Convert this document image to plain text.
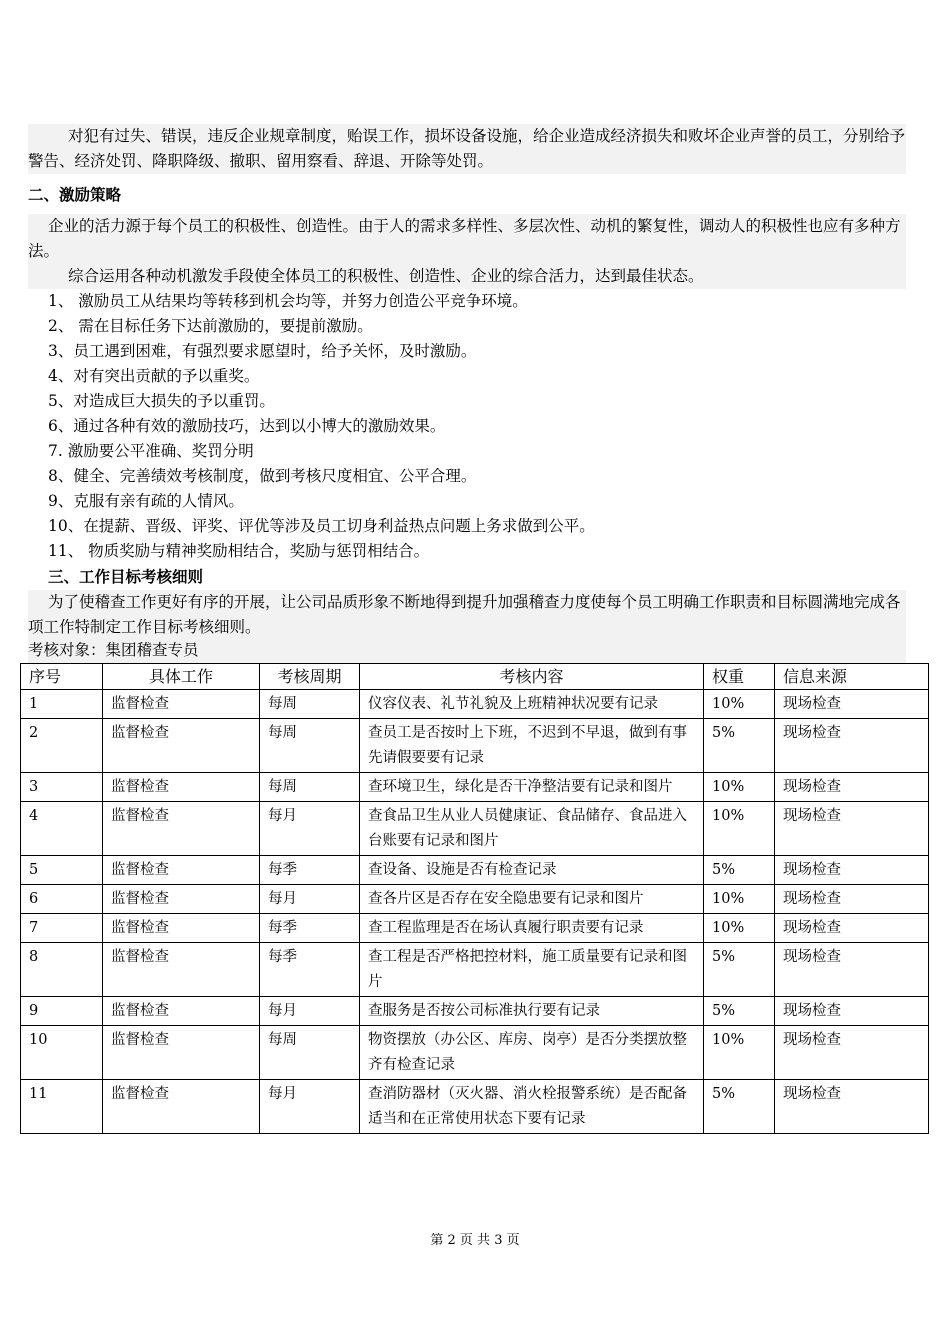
对犯有过失、错误，违反企业规章制度，贻误工作，损坏设备设施，给企业造成经济损失和败坏企业声誉的员工，分别给予警告、经济处罚、降职降级、撤职、留用察看、辞退、开除等处罚。

二、激励策略

企业的活力源于每个员工的积极性、创造性。由于人的需求多样性、多层次性、动机的繁复性，调动人的积极性也应有多种方法。

综合运用各种动机激发手段使全体员工的积极性、创造性、企业的综合活力，达到最佳状态。

1、 激励员工从结果均等转移到机会均等，并努力创造公平竞争环境。
2、 需在目标任务下达前激励的，要提前激励。
3、员工遇到困难，有强烈要求愿望时，给予关怀，及时激励。
4、对有突出贡献的予以重奖。
5、对造成巨大损失的予以重罚。
6、通过各种有效的激励技巧，达到以小博大的激励效果。
7. 激励要公平准确、奖罚分明
8、健全、完善绩效考核制度，做到考核尺度相宜、公平合理。
9、克服有亲有疏的人情风。
10、在提薪、晋级、评奖、评优等涉及员工切身利益热点问题上务求做到公平。
11、 物质奖励与精神奖励相结合，奖励与惩罚相结合。
三、工作目标考核细则

为了使稽查工作更好有序的开展，让公司品质形象不断地得到提升加强稽查力度使每个员工明确工作职责和目标圆满地完成各项工作特制定工作目标考核细则。

考核对象：集团稽查专员
序号	具体工作	考核周期	考核内容	权重	信息来源
1	监督检查	每周	仪容仪表、礼节礼貌及上班精神状况要有记录	10%	现场检查
2	监督检查	每周	查员工是否按时上下班，不迟到不早退，做到有事先请假要要有记录	5%	现场检查
3	监督检查	每周	查环境卫生，绿化是否干净整洁要有记录和图片	10%	现场检查
4	监督检查	每月	查食品卫生从业人员健康证、食品储存、食品进入台账要有记录和图片	10%	现场检查
5	监督检查	每季	查设备、设施是否有检查记录	5%	现场检查
6	监督检查	每月	查各片区是否存在安全隐患要有记录和图片	10%	现场检查
7	监督检查	每季	查工程监理是否在场认真履行职责要有记录	10%	现场检查
8	监督检查	每季	查工程是否严格把控材料，施工质量要有记录和图片	5%	现场检查
9	监督检查	每月	查服务是否按公司标准执行要有记录	5%	现场检查
10	监督检查	每周	物资摆放（办公区、库房、岗亭）是否分类摆放整齐有检查记录	10%	现场检查
11	监督检查	每月	查消防器材（灭火器、消火栓报警系统）是否配备适当和在正常使用状态下要有记录	5%	现场检查
第 2 页 共 3 页
